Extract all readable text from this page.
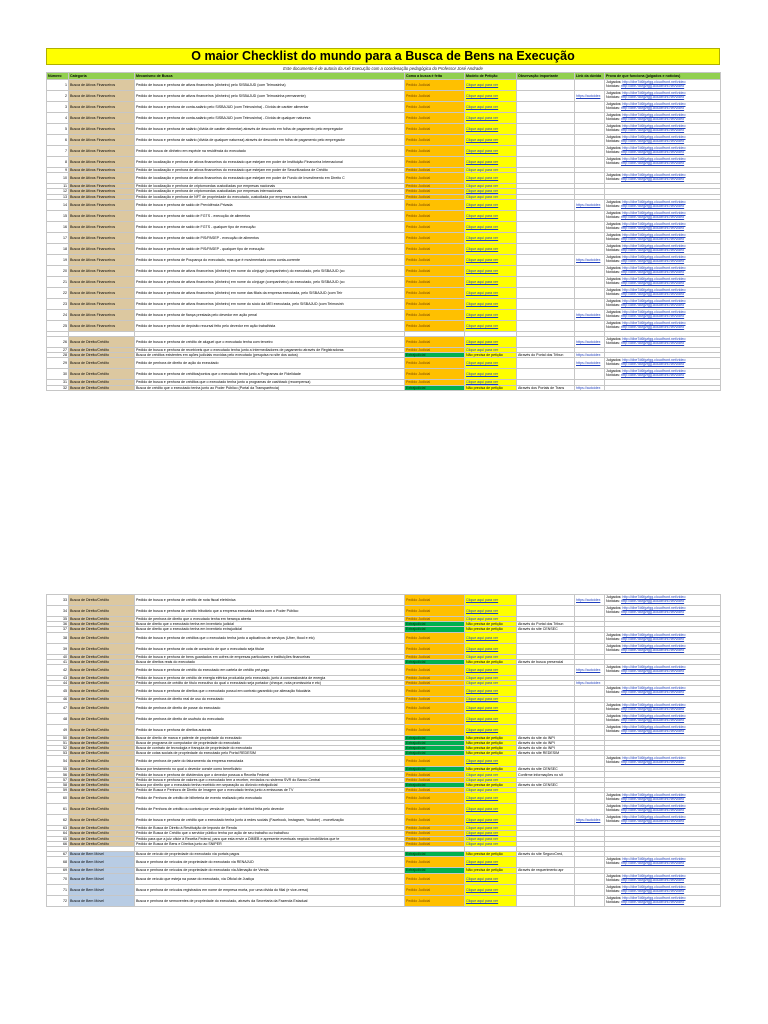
O maior Checklist do mundo para a Busca de Bens na Execução
Este documento é de autoria da Axé Execução com a coordenação pedagógica do Professor José Andrade
Número	Categoria	Mecanismo de Busca	Como a busca é feita	Modelo de Petição	Observação importante	Link da dúvida	Prova de que funciona (julgados e notícias)
1	Busca de Ativos Financeiros	Pedido de busca e penhora de ativos financeiros (dinheiro) pelo SISBAJUD (com Teimosinha)	Pedido Judicial	Clique aqui para ver			Julgados: http://dbe7d6fgzfgg.cloudfront.net/video
Notícias: http://dbe7d6fgzfgg.cloudfront.net/video

2	Busca de Ativos Financeiros	Pedido de busca e penhora de ativos financeiros (dinheiro) pelo SISBAJUD (com Teimosinha permanente)	Pedido Judicial	Clique aqui para ver		https://autoidex	Julgados: http://dbe7d6fgzfgg.cloudfront.net/video
Notícias: http://dbe7d6fgzfgg.cloudfront.net/video

3	Busca de Ativos Financeiros	Pedido de busca e penhora de conta-salário pelo SISBAJUD (com Teimosinha) - Dívida de caráter alimentar	Pedido Judicial	Clique aqui para ver			Julgados: http://dbe7d6fgzfgg.cloudfront.net/video
Notícias: http://dbe7d6fgzfgg.cloudfront.net/video

4	Busca de Ativos Financeiros	Pedido de busca e penhora de conta-salário pelo SISBAJUD (com Teimosinha) - Dívida de qualquer natureza	Pedido Judicial	Clique aqui para ver			Julgados: http://dbe7d6fgzfgg.cloudfront.net/video
Notícias: http://dbe7d6fgzfgg.cloudfront.net/video

5	Busca de Ativos Financeiros	Pedido de busca e penhora de salário (dívida de caráter alimentar) através de desconto em folha de pagamento pelo empregador	Pedido Judicial	Clique aqui para ver			Julgados: http://dbe7d6fgzfgg.cloudfront.net/video
Notícias: http://dbe7d6fgzfgg.cloudfront.net/video

6	Busca de Ativos Financeiros	Pedido de busca e penhora de salário (dívida de qualquer natureza) através de desconto em folha de pagamento pelo empregador	Pedido Judicial	Clique aqui para ver			Julgados: http://dbe7d6fgzfgg.cloudfront.net/video
Notícias: http://dbe7d6fgzfgg.cloudfront.net/video

7	Busca de Ativos Financeiros	Pedido de busca de dinheiro em espécie na residência do executado	Pedido Judicial	Clique aqui para ver			Julgados: http://dbe7d6fgzfgg.cloudfront.net/video
Notícias: http://dbe7d6fgzfgg.cloudfront.net/video

8	Busca de Ativos Financeiros	Pedido de localização e penhora de ativos financeiros do executado que estejam em poder de Instituição Financeira Internacional	Pedido Judicial	Clique aqui para ver			Julgados: http://dbe7d6fgzfgg.cloudfront.net/video
Notícias: http://dbe7d6fgzfgg.cloudfront.net/video

9	Busca de Ativos Financeiros	Pedido de localização e penhora de ativos financeiros do executado que estejam em poder de Securitizadora de Crédito	Pedido Judicial	Clique aqui para ver			
10	Busca de Ativos Financeiros	Pedido de localização e penhora de ativos financeiros do executado que estejam em poder de Fundo de Investimento em Direito C	Pedido Judicial	Clique aqui para ver			Julgados: http://dbe7d6fgzfgg.cloudfront.net/video
Notícias: http://dbe7d6fgzfgg.cloudfront.net/video

11	Busca de Ativos Financeiros	Pedido de localização e penhora de criptomoedas custodiadas por empresas nacionais	Pedido Judicial	Clique aqui para ver			
12	Busca de Ativos Financeiros	Pedido de localização e penhora de criptomoedas custodiadas por empresas internacionais	Pedido Judicial	Clique aqui para ver			
13	Busca de Ativos Financeiros	Pedido de localização e penhora de NFT de propriedade do executado, custodiada por empresas nacionais	Pedido Judicial	Clique aqui para ver			
14	Busca de Ativos Financeiros	Pedido de busca e penhora de saldo de Previdência Privada	Pedido Judicial	Clique aqui para ver		https://autoidex	Julgados: http://dbe7d6fgzfgg.cloudfront.net/video
Notícias: http://dbe7d6fgzfgg.cloudfront.net/video

15	Busca de Ativos Financeiros	Pedido de busca e penhora de saldo de FGTS - execução de alimentos	Pedido Judicial	Clique aqui para ver			Julgados: http://dbe7d6fgzfgg.cloudfront.net/video
Notícias: http://dbe7d6fgzfgg.cloudfront.net/video

16	Busca de Ativos Financeiros	Pedido de busca e penhora de saldo de FGTS - qualquer tipo de execução	Pedido Judicial	Clique aqui para ver			Julgados: http://dbe7d6fgzfgg.cloudfront.net/video
Notícias: http://dbe7d6fgzfgg.cloudfront.net/video

17	Busca de Ativos Financeiros	Pedido de busca e penhora de saldo de PIS/PASEP - execução de alimentos	Pedido Judicial	Clique aqui para ver			Julgados: http://dbe7d6fgzfgg.cloudfront.net/video
Notícias: http://dbe7d6fgzfgg.cloudfront.net/video

18	Busca de Ativos Financeiros	Pedido de busca e penhora de saldo de PIS/PASEP - qualquer tipo de execução	Pedido Judicial	Clique aqui para ver			Julgados: http://dbe7d6fgzfgg.cloudfront.net/video
Notícias: http://dbe7d6fgzfgg.cloudfront.net/video

19	Busca de Ativos Financeiros	Pedido de busca e penhora de Poupança do executado, mas que é movimentada como conta-corrente	Pedido Judicial	Clique aqui para ver		https://autoidex	Julgados: http://dbe7d6fgzfgg.cloudfront.net/video
Notícias: http://dbe7d6fgzfgg.cloudfront.net/video

20	Busca de Ativos Financeiros	Pedido de busca e penhora de ativos financeiros (dinheiro) em nome do cônjuge (companheiro) do executado, pelo SISBAJUD (co	Pedido Judicial	Clique aqui para ver			Julgados: http://dbe7d6fgzfgg.cloudfront.net/video
Notícias: http://dbe7d6fgzfgg.cloudfront.net/video

21	Busca de Ativos Financeiros	Pedido de busca e penhora de ativos financeiros (dinheiro) em nome do cônjuge (companheiro) do executado, pelo SISBAJUD (co	Pedido Judicial	Clique aqui para ver			Julgados: http://dbe7d6fgzfgg.cloudfront.net/video
Notícias: http://dbe7d6fgzfgg.cloudfront.net/video

22	Busca de Ativos Financeiros	Pedido de busca e penhora de ativos financeiros (dinheiro) em nome das filiais da empresa executada, pelo SISBAJUD (com Teir	Pedido Judicial	Clique aqui para ver			Julgados: http://dbe7d6fgzfgg.cloudfront.net/video
Notícias: http://dbe7d6fgzfgg.cloudfront.net/video

23	Busca de Ativos Financeiros	Pedido de busca e penhora de ativos financeiros (dinheiro) em nome do sócio da MEI executada, pelo SISBAJUD (com Teimosinh	Pedido Judicial	Clique aqui para ver			Julgados: http://dbe7d6fgzfgg.cloudfront.net/video
Notícias: http://dbe7d6fgzfgg.cloudfront.net/video

24	Busca de Ativos Financeiros	Pedido de busca e penhora de fiança prestada pelo devedor em ação penal	Pedido Judicial	Clique aqui para ver		https://autoidex	Julgados: http://dbe7d6fgzfgg.cloudfront.net/video
Notícias: http://dbe7d6fgzfgg.cloudfront.net/video

25	Busca de Ativos Financeiros	Pedido de busca e penhora de depósito recursal feito pelo devedor em ação trabalhista	Pedido Judicial	Clique aqui para ver			Julgados: http://dbe7d6fgzfgg.cloudfront.net/video
Notícias: http://dbe7d6fgzfgg.cloudfront.net/video

26	Busca de Direito/Crédito	Pedido de busca e penhora de crédito de aluguel que o executado tenha com terceiro	Pedido Judicial	Clique aqui para ver		https://autoidex	Julgados: http://dbe7d6fgzfgg.cloudfront.net/video
Notícias: http://dbe7d6fgzfgg.cloudfront.net/video

27	Busca de Direito/Crédito	Pedido de busca e penhora de recebíveis que o executado tenha junto a intermediadores de pagamento através de Registradoras	Pedido Judicial	Clique aqui para ver			
28	Busca de Direito/Crédito	Busca de créditos existentes em ações judiciais movidas pelo executado (pesquisa no site dos autos)	Extrajudicial	Não precisa de petição	Através do Portal dos Tribun	https://autoidex	
29	Busca de Direito/Crédito	Pedido de penhora de direito de ação do executado	Pedido Judicial	Clique aqui para ver		https://autoidex	Julgados: http://dbe7d6fgzfgg.cloudfront.net/video
Notícias: http://dbe7d6fgzfgg.cloudfront.net/video

30	Busca de Direito/Crédito	Pedido de busca e penhora de créditos/pontos que o executado tenha junto a Programas de Fidelidade	Pedido Judicial	Clique aqui para ver			Julgados: http://dbe7d6fgzfgg.cloudfront.net/video
Notícias: http://dbe7d6fgzfgg.cloudfront.net/video

31	Busca de Direito/Crédito	Pedido de busca e penhora de créditos que o executado tenha junto a programas de cashback (recompensa)	Pedido Judicial	Clique aqui para ver			
32	Busca de Direito/Crédito	Busca de crédito que o executado tenha junto ao Poder Público (Portal da Transparência)	Extrajudicial	Não precisa de petição	Através dos Portais de Trans	https://autoidex	
33	Busca de Direito/Crédito	Pedido de busca e penhora de crédito de nota fiscal eletrônica	Pedido Judicial	Clique aqui para ver		https://autoidex	Julgados: http://dbe7d6fgzfgg.cloudfront.net/video
Notícias: http://dbe7d6fgzfgg.cloudfront.net/video

34	Busca de Direito/Crédito	Pedido de busca e penhora de crédito tributário que a empresa executada tenha com o Poder Público	Pedido Judicial	Clique aqui para ver			Julgados: http://dbe7d6fgzfgg.cloudfront.net/video
Notícias: http://dbe7d6fgzfgg.cloudfront.net/video

35	Busca de Direito/Crédito	Pedido de penhora de direito que o executado tenha em herança aberta	Pedido Judicial	Clique aqui para ver			
36	Busca de Direito/Crédito	Busca de direito que o executado tenha em inventário judicial	Extrajudicial	Não precisa de petição	Através do Portal dos Tribun		
37	Busca de Direito/Crédito	Busca de direito que o executado tenha em inventário extrajudicial	Extrajudicial	Não precisa de petição	Através do site CENSEC		
38	Busca de Direito/Crédito	Pedido de busca e penhora de créditos que o executado tenha junto a aplicativos de serviços (Uber, Ifood e etc)	Pedido Judicial	Clique aqui para ver			Julgados: http://dbe7d6fgzfgg.cloudfront.net/video
Notícias: http://dbe7d6fgzfgg.cloudfront.net/video

39	Busca de Direito/Crédito	Pedido de busca e penhora de cota de consórcio de que o executado seja titular	Pedido Judicial	Clique aqui para ver			Julgados: http://dbe7d6fgzfgg.cloudfront.net/video
Notícias: http://dbe7d6fgzfgg.cloudfront.net/video

40	Busca de Direito/Crédito	Pedido de busca e penhora de bens guardados em cofres de empresas particulares e instituições financeiras	Pedido Judicial	Clique aqui para ver			
41	Busca de Direito/Crédito	Busca de direitos reais do executado	Extrajudicial	Não precisa de petição	Através de busca presencial		
42	Busca de Direito/Crédito	Pedido de busca e penhora de crédito do executado em cartela de crédito pré-pago	Pedido Judicial	Clique aqui para ver		https://autoidex	Julgados: http://dbe7d6fgzfgg.cloudfront.net/video
Notícias: http://dbe7d6fgzfgg.cloudfront.net/video

43	Busca de Direito/Crédito	Pedido de busca e penhora de crédito de energia elétrica produzida pelo executado, junto à concessionária de energia	Pedido Judicial	Clique aqui para ver			
44	Busca de Direito/Crédito	Pedido de penhora de crédito de título executivo do qual o executado seja portador (cheque, nota promissória e etc)	Pedido Judicial	Clique aqui para ver		https://autoidex	
45	Busca de Direito/Crédito	Pedido de busca e penhora de direitos que o executado possui em contrato garantido por alienação fiduciária	Pedido Judicial	Clique aqui para ver			Julgados: http://dbe7d6fgzfgg.cloudfront.net/video
Notícias: http://dbe7d6fgzfgg.cloudfront.net/video

46	Busca de Direito/Crédito	Pedido de penhora de direito real de uso do executado	Pedido Judicial	Clique aqui para ver			
47	Busca de Direito/Crédito	Pedido de penhora de direito de posse do executado	Pedido Judicial	Clique aqui para ver			Julgados: http://dbe7d6fgzfgg.cloudfront.net/video
Notícias: http://dbe7d6fgzfgg.cloudfront.net/video

48	Busca de Direito/Crédito	Pedido de penhora de direito de usufruto do executado	Pedido Judicial	Clique aqui para ver			Julgados: http://dbe7d6fgzfgg.cloudfront.net/video
Notícias: http://dbe7d6fgzfgg.cloudfront.net/video

49	Busca de Direito/Crédito	Pedido de busca e penhora de direitos autorais	Pedido Judicial	Clique aqui para ver			Julgados: http://dbe7d6fgzfgg.cloudfront.net/video
Notícias: http://dbe7d6fgzfgg.cloudfront.net/video

50	Busca de Direito/Crédito	Busca de direito de marca e patente de propriedade do executado	Extrajudicial	Não precisa de petição	Através do site do INPI		
51	Busca de Direito/Crédito	Busca de programa de computador de propriedade do executado	Extrajudicial	Não precisa de petição	Através do site do INPI		
52	Busca de Direito/Crédito	Busca de contrato de tecnologia e franquia de propriedade do executado	Extrajudicial	Não precisa de petição	Através do site do INPI		
53	Busca de Direito/Crédito	Busca de cotas sociais de propriedade do executado pelo Portal REDESIM	Extrajudicial	Não precisa de petição	Através do site REDESIM		
54	Busca de Direito/Crédito	Pedido de penhora de parte do faturamento da empresa executada	Pedido Judicial	Clique aqui para ver			Julgados: http://dbe7d6fgzfgg.cloudfront.net/video
Notícias: http://dbe7d6fgzfgg.cloudfront.net/video

55	Busca de Direito/Crédito	Busca por testamento no qual o devedor conste como beneficiário	Extrajudicial	Não precisa de petição	Através do site CENSEC		
56	Busca de Direito/Crédito	Pedido de busca e penhora de dividendos que o devedor possua a Receita Federal	Pedido Judicial	Clique aqui para ver	Confirme informações no sit		
57	Busca de Direito/Crédito	Pedido de busca e penhora de valores que o executado tem a receber, enviados no sistema SVR do Banco Central	Pedido Judicial	Clique aqui para ver			
58	Busca de Direito/Crédito	Busca por direito que o executado tenha recebido em separação ou divórcio extrajudicial	Extrajudicial	Não precisa de petição	Através do site CENSEC		
59	Busca de Direito/Crédito	Pedido de Busca e Penhora de Direito de Imagem que o executado tenha junto a emissoras de TV	Pedido Judicial	Clique aqui para ver			
60	Busca de Direito/Crédito	Pedido de Penhora de crédito de bilheteria de evento realizado pelo executado	Pedido Judicial	Clique aqui para ver			Julgados: http://dbe7d6fgzfgg.cloudfront.net/video
Notícias: http://dbe7d6fgzfgg.cloudfront.net/video

61	Busca de Direito/Crédito	Pedido de Penhora de crédito ou contrato por venda de jogador de futebol feita pelo devedor	Pedido Judicial	Clique aqui para ver			Julgados: http://dbe7d6fgzfgg.cloudfront.net/video
Notícias: http://dbe7d6fgzfgg.cloudfront.net/video

62	Busca de Direito/Crédito	Pedido de busca e penhora de crédito que o executado tenha junto à redes sociais (Facebook, Instagram, Youtube) - monetização	Pedido Judicial	Clique aqui para ver		https://autoidex	Julgados: http://dbe7d6fgzfgg.cloudfront.net/video
Notícias: http://dbe7d6fgzfgg.cloudfront.net/video

63	Busca de Direito/Crédito	Pedido de Busca de Direito à Restituição de Imposto de Renda	Pedido Judicial	Clique aqui para ver			
64	Busca de Direito/Crédito	Pedido de Busca de Crédito que o servidor público tenha por ação de seu trabalho ou trabalhou	Pedido Judicial	Clique aqui para ver			
65	Busca de Direito/Crédito	Pedido para que a juiz oficie à Receita Federal, para que esta envie a DIMEB e apresente eventuais negócio imobiliários que te	Pedido Judicial	Clique aqui para ver			
66	Busca de Direito/Crédito	Pedido de Busca de Bens e Direitos junto ao SNIPER	Pedido Judicial	Clique aqui para ver			

67	Busca de Bem Móvel	Busca de veículo de propriedade do executado via portais pagos	Extrajudicial	Não precisa de petição	Através do site SeguroCred,		
68	Busca de Bem Móvel	Busca e penhora de veículos de propriedade do executado via RENAJUD	Pedido Judicial	Clique aqui para ver			Julgados: http://dbe7d6fgzfgg.cloudfront.net/video
Notícias: http://dbe7d6fgzfgg.cloudfront.net/video

69	Busca de Bem Móvel	Busca e penhora de veículos de propriedade do executado via Alienação de Venda	Extrajudicial	Não precisa de petição	Através de requerimento apr		
70	Busca de Bem Móvel	Busca de veículo que esteja na posse do executado, via Oficial de Justiça	Pedido Judicial	Clique aqui para ver			Julgados: http://dbe7d6fgzfgg.cloudfront.net/video
Notícias: http://dbe7d6fgzfgg.cloudfront.net/video

71	Busca de Bem Móvel	Busca e penhora de veículos registrados em nome de empresa morta, por uma dívida do filial (e vice-versa)	Pedido Judicial	Clique aqui para ver			Julgados: http://dbe7d6fgzfgg.cloudfront.net/video
Notícias: http://dbe7d6fgzfgg.cloudfront.net/video

72	Busca de Bem Móvel	Busca e penhora de semoventes de propriedade do executado, através da Secretaria da Fazenda Estadual	Pedido Judicial	Clique aqui para ver			Julgados: http://dbe7d6fgzfgg.cloudfront.net/video
Notícias: http://dbe7d6fgzfgg.cloudfront.net/video
